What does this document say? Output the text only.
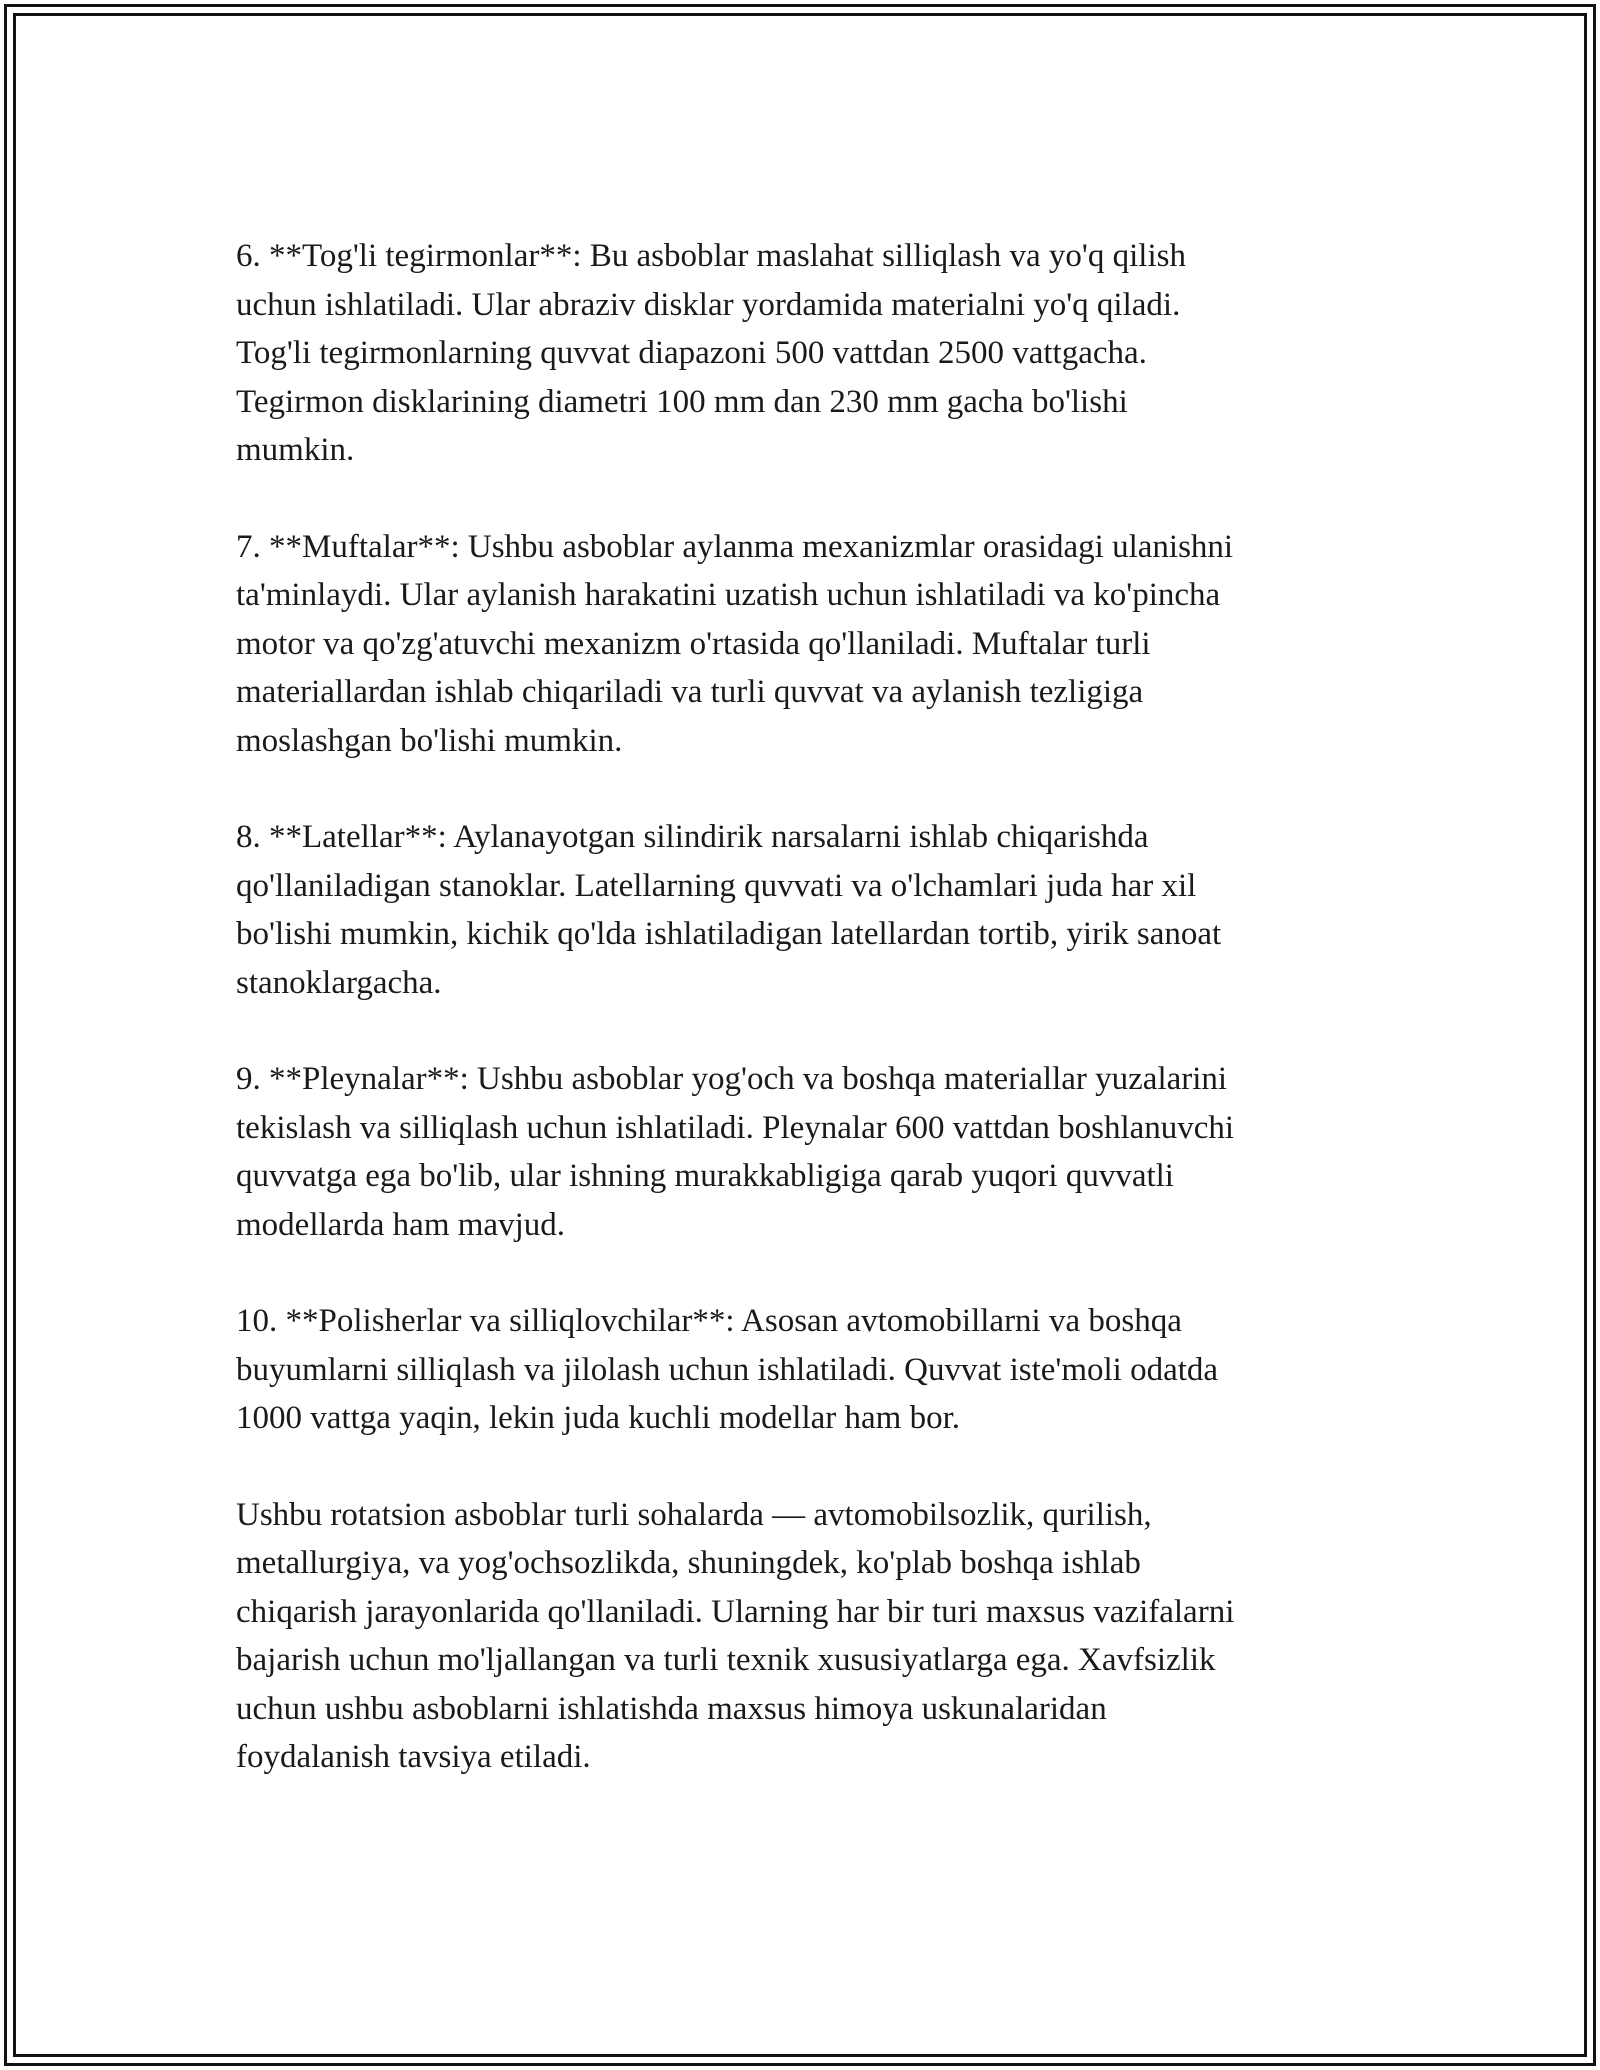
6. **Tog'li tegirmonlar**: Bu asboblar maslahat silliqlash va yo'q qilish
uchun ishlatiladi. Ular abraziv disklar yordamida materialni yo'q qiladi.
Tog'li tegirmonlarning quvvat diapazoni 500 vattdan 2500 vattgacha.
Tegirmon disklarining diametri 100 mm dan 230 mm gacha bo'lishi
mumkin.

7. **Muftalar**: Ushbu asboblar aylanma mexanizmlar orasidagi ulanishni
ta'minlaydi. Ular aylanish harakatini uzatish uchun ishlatiladi va ko'pincha
motor va qo'zg'atuvchi mexanizm o'rtasida qo'llaniladi. Muftalar turli
materiallardan ishlab chiqariladi va turli quvvat va aylanish tezligiga
moslashgan bo'lishi mumkin.

8. **Latellar**: Aylanayotgan silindirik narsalarni ishlab chiqarishda
qo'llaniladigan stanoklar. Latellarning quvvati va o'lchamlari juda har xil
bo'lishi mumkin, kichik qo'lda ishlatiladigan latellardan tortib, yirik sanoat
stanoklargacha.

9. **Pleynalar**: Ushbu asboblar yog'och va boshqa materiallar yuzalarini
tekislash va silliqlash uchun ishlatiladi. Pleynalar 600 vattdan boshlanuvchi
quvvatga ega bo'lib, ular ishning murakkabligiga qarab yuqori quvvatli
modellarda ham mavjud.

10. **Polisherlar va silliqlovchilar**: Asosan avtomobillarni va boshqa
buyumlarni silliqlash va jilolash uchun ishlatiladi. Quvvat iste'moli odatda
1000 vattga yaqin, lekin juda kuchli modellar ham bor.

Ushbu rotatsion asboblar turli sohalarda — avtomobilsozlik, qurilish,
metallurgiya, va yog'ochsozlikda, shuningdek, ko'plab boshqa ishlab
chiqarish jarayonlarida qo'llaniladi. Ularning har bir turi maxsus vazifalarni
bajarish uchun mo'ljallangan va turli texnik xususiyatlarga ega. Xavfsizlik
uchun ushbu asboblarni ishlatishda maxsus himoya uskunalaridan
foydalanish tavsiya etiladi.
